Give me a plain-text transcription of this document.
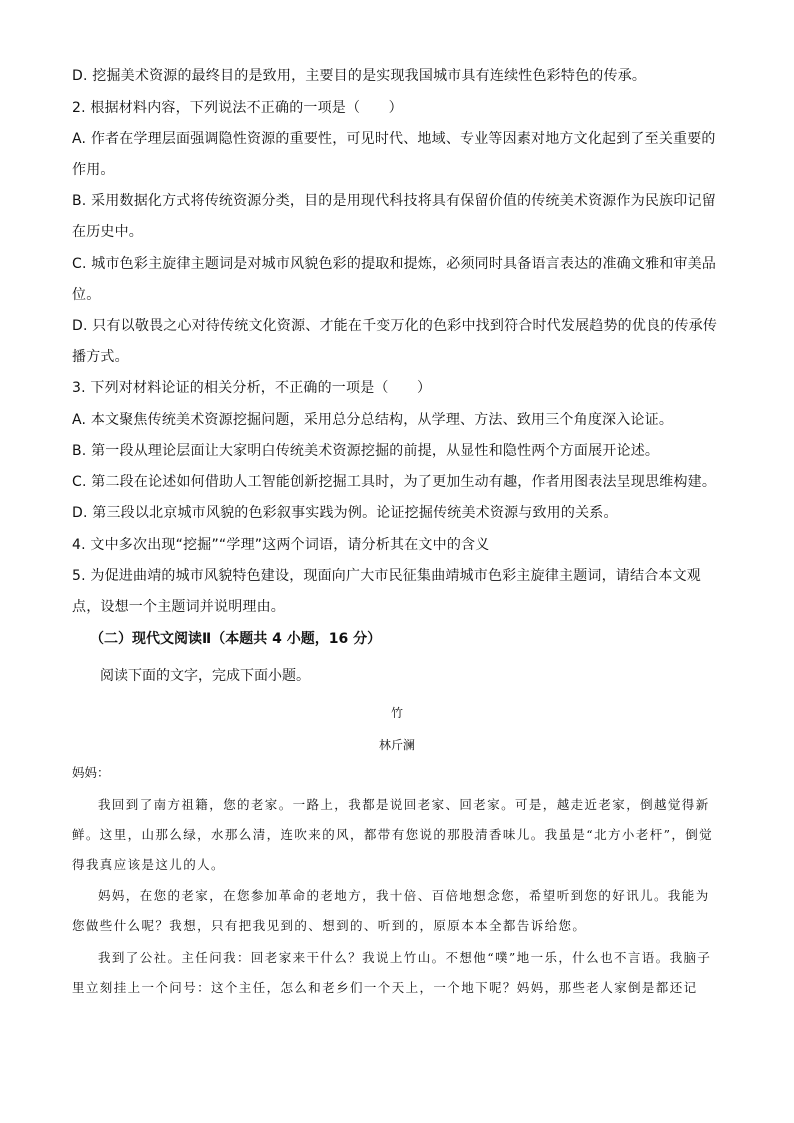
D. 挖掘美术资源的最终目的是致用，主要目的是实现我国城市具有连续性色彩特色的传承。
2. 根据材料内容，下列说法不正确的一项是（　　）
A. 作者在学理层面强调隐性资源的重要性，可见时代、地域、专业等因素对地方文化起到了至关重要的作用。
B. 采用数据化方式将传统资源分类，目的是用现代科技将具有保留价值的传统美术资源作为民族印记留在历史中。
C. 城市色彩主旋律主题词是对城市风貌色彩的提取和提炼，必须同时具备语言表达的准确文雅和审美品位。
D. 只有以敬畏之心对待传统文化资源、才能在千变万化的色彩中找到符合时代发展趋势的优良的传承传播方式。
3. 下列对材料论证的相关分析，不正确的一项是（　　）
A. 本文聚焦传统美术资源挖掘问题，采用总分总结构，从学理、方法、致用三个角度深入论证。
B. 第一段从理论层面让大家明白传统美术资源挖掘的前提，从显性和隐性两个方面展开论述。
C. 第二段在论述如何借助人工智能创新挖掘工具时，为了更加生动有趣，作者用图表法呈现思维构建。
D. 第三段以北京城市风貌的色彩叙事实践为例。论证挖掘传统美术资源与致用的关系。
4. 文中多次出现“挖掘”“学理”这两个词语，请分析其在文中的含义
5. 为促进曲靖的城市风貌特色建设，现面向广大市民征集曲靖城市色彩主旋律主题词，请结合本文观点，设想一个主题词并说明理由。
（二）现代文阅读Ⅱ（本题共 4 小题，16 分）
阅读下面的文字，完成下面小题。
竹
林斤澜
妈妈：
我回到了南方祖籍，您的老家。一路上，我都是说回老家、回老家。可是，越走近老家，倒越觉得新鲜。这里，山那么绿，水那么清，连吹来的风，都带有您说的那股清香味儿。我虽是“北方小老杆”，倒觉得我真应该是这儿的人。
妈妈，在您的老家，在您参加革命的老地方，我十倍、百倍地想念您，希望听到您的好讯儿。我能为您做些什么呢？我想，只有把我见到的、想到的、听到的，原原本本全都告诉给您。
我到了公社。主任问我：回老家来干什么？我说上竹山。不想他“噗”地一乐，什么也不言语。我脑子里立刻挂上一个问号：这个主任，怎么和老乡们一个天上，一个地下呢？妈妈，那些老人家倒是都还记
